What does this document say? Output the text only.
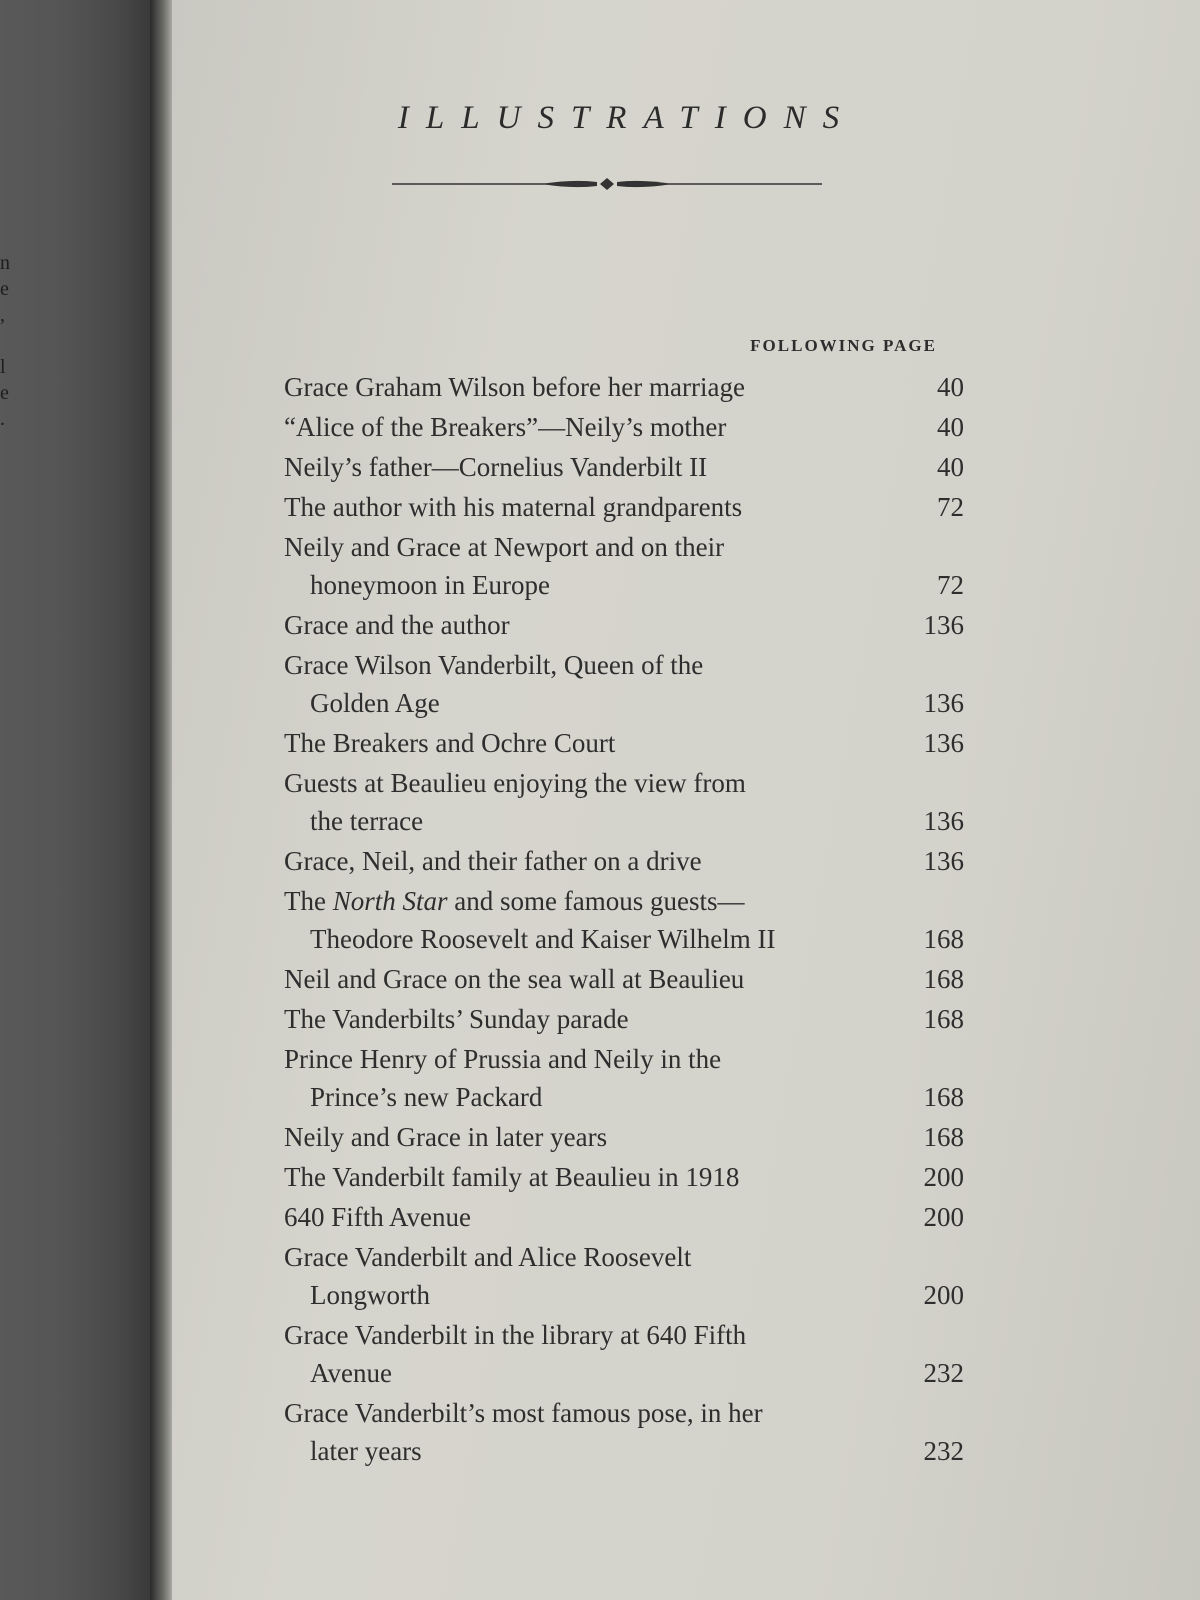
n
e
,

l
e
.
ILLUSTRATIONS
FOLLOWING PAGE
Grace Graham Wilson before her marriage	40
“Alice of the Breakers”—Neily’s mother	40
Neily’s father—Cornelius Vanderbilt II	40
The author with his maternal grandparents	72
Neily and Grace at Newport and on their
honeymoon in Europe	72
Grace and the author	136
Grace Wilson Vanderbilt, Queen of the
Golden Age	136
The Breakers and Ochre Court	136
Guests at Beaulieu enjoying the view from
the terrace	136
Grace, Neil, and their father on a drive	136
The North Star and some famous guests—
Theodore Roosevelt and Kaiser Wilhelm II	168
Neil and Grace on the sea wall at Beaulieu	168
The Vanderbilts’ Sunday parade	168
Prince Henry of Prussia and Neily in the
Prince’s new Packard	168
Neily and Grace in later years	168
The Vanderbilt family at Beaulieu in 1918	200
640 Fifth Avenue	200
Grace Vanderbilt and Alice Roosevelt
Longworth	200
Grace Vanderbilt in the library at 640 Fifth
Avenue	232
Grace Vanderbilt’s most famous pose, in her
later years	232
